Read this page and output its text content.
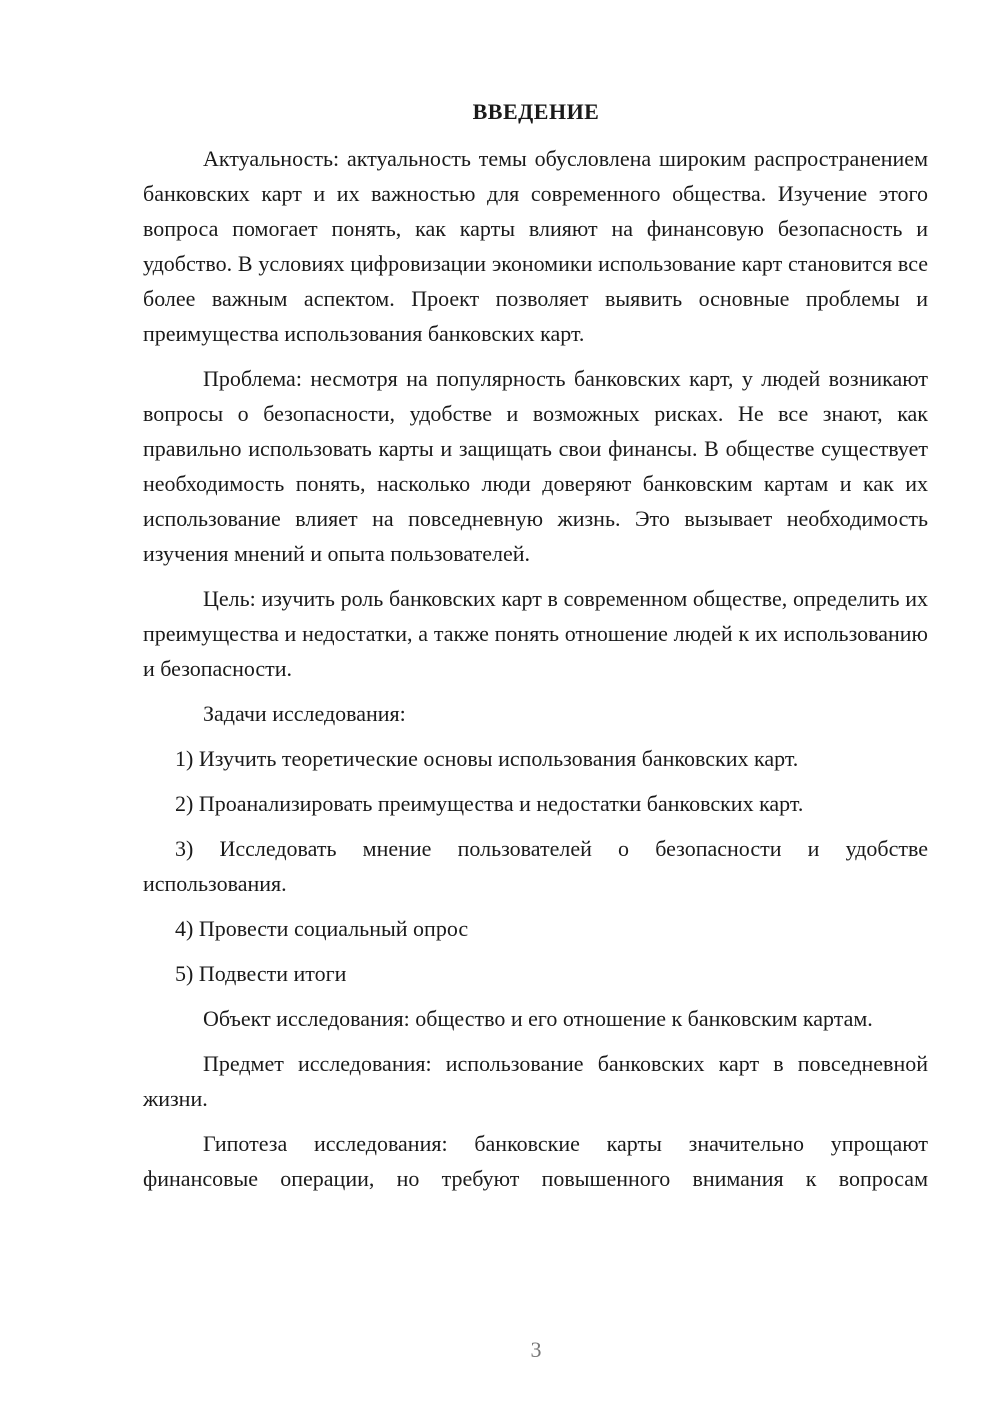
ВВЕДЕНИЕ

Актуальность: актуальность темы обусловлена широким распространением банковских карт и их важностью для современного общества. Изучение этого вопроса помогает понять, как карты влияют на финансовую безопасность и удобство. В условиях цифровизации экономики использование карт становится все более важным аспектом. Проект позволяет выявить основные проблемы и преимущества использования банковских карт.

Проблема: несмотря на популярность банковских карт, у людей возникают вопросы о безопасности, удобстве и возможных рисках. Не все знают, как правильно использовать карты и защищать свои финансы. В обществе существует необходимость понять, насколько люди доверяют банковским картам и как их использование влияет на повседневную жизнь. Это вызывает необходимость изучения мнений и опыта пользователей.

Цель: изучить роль банковских карт в современном обществе, определить их преимущества и недостатки, а также понять отношение людей к их использованию и безопасности.

Задачи исследования:

1) Изучить теоретические основы использования банковских карт.

2) Проанализировать преимущества и недостатки банковских карт.

3) Исследовать мнение пользователей о безопасности и удобстве использования.

4) Провести социальный опрос

5) Подвести итоги

Объект исследования: общество и его отношение к банковским картам.

Предмет исследования: использование банковских карт в повседневной жизни.

Гипотеза исследования: банковские карты значительно упрощают финансовые операции, но требуют повышенного внимания к вопросам

3
